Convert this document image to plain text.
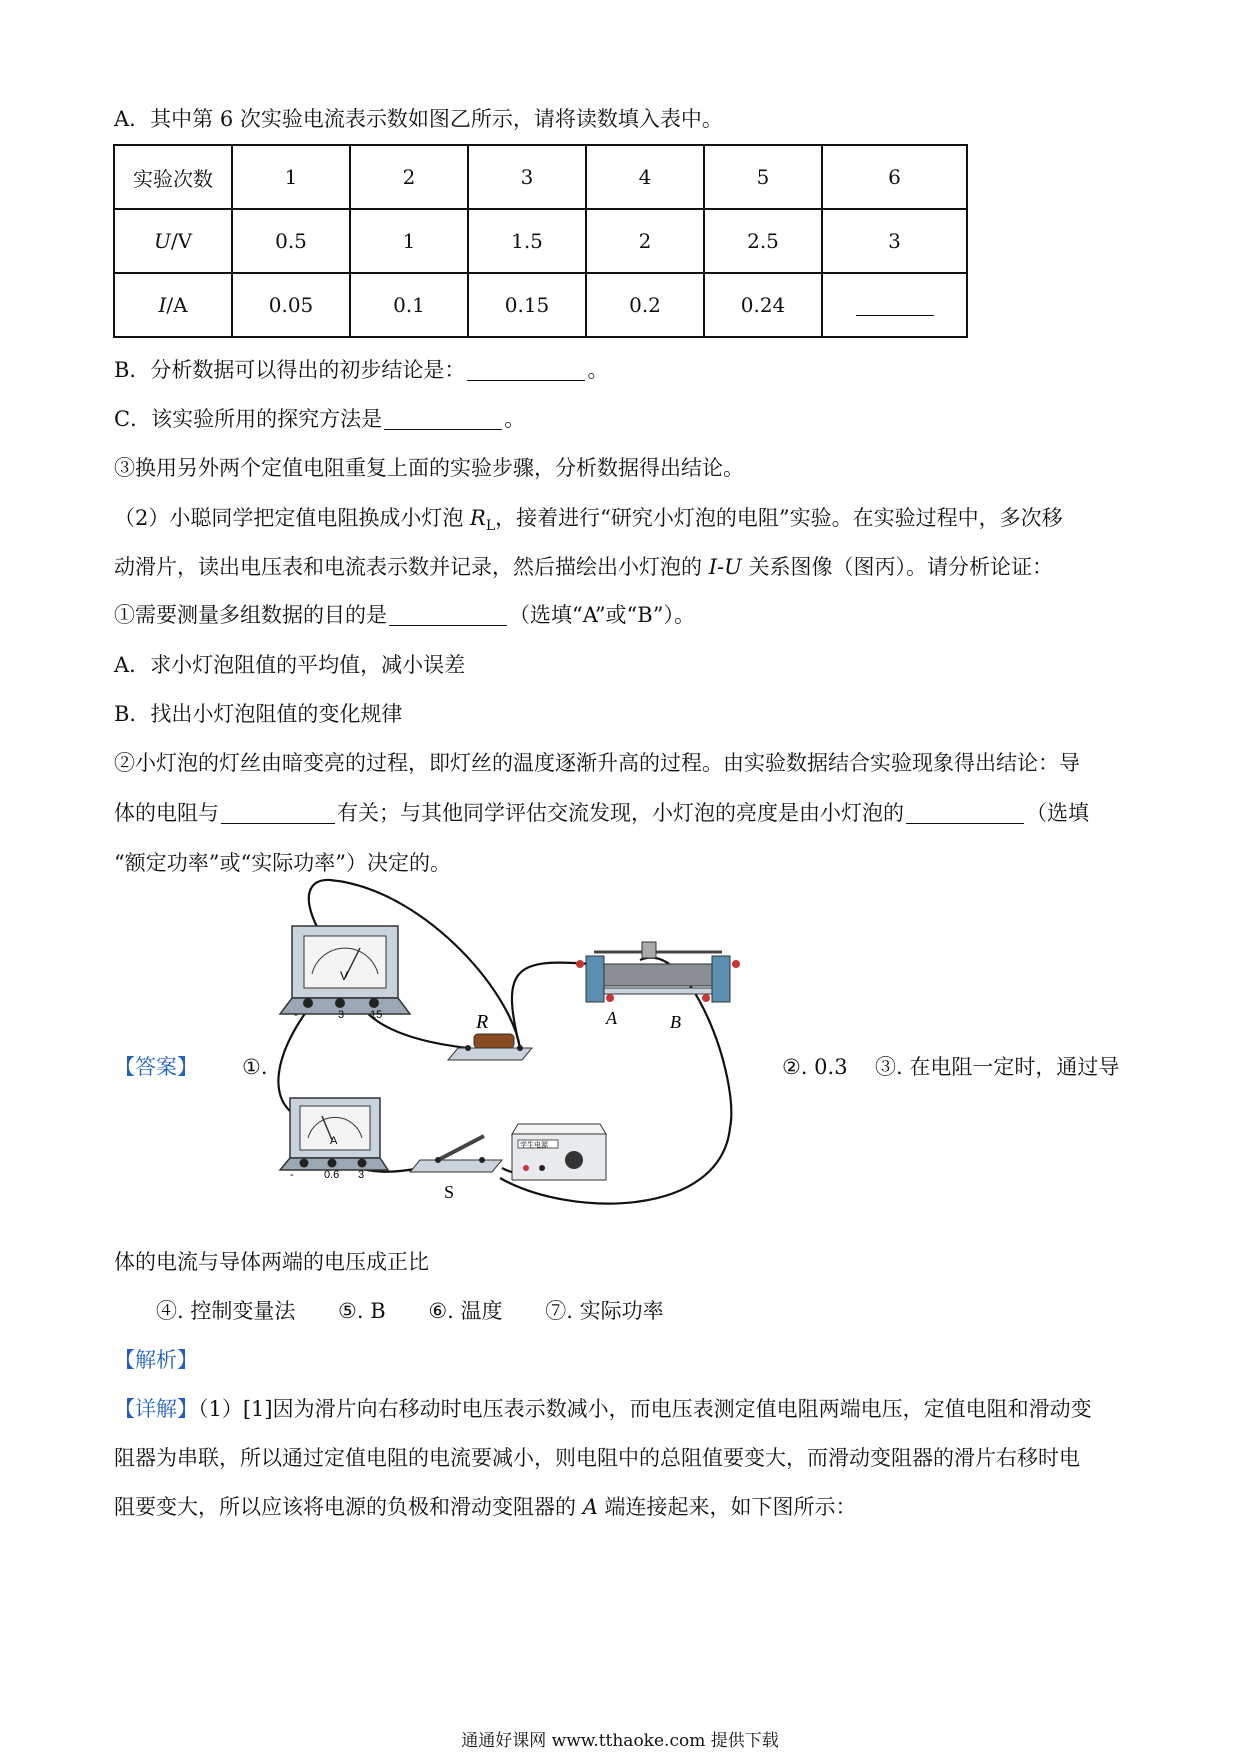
A．其中第 6 次实验电流表示数如图乙所示，请将读数填入表中。
实验次数	1	2	3	4	5	6
U/V	0.5	1	1.5	2	2.5	3
I/A	0.05	0.1	0.15	0.2	0.24	
B．分析数据可以得出的初步结论是：	。
C．该实验所用的探究方法是	。
③换用另外两个定值电阻重复上面的实验步骤，分析数据得出结论。
（2）小聪同学把定值电阻换成小灯泡 $R_L$，接着进行“研究小灯泡的电阻”实验。在实验过程中，多次移
动滑片，读出电压表和电流表示数并记录，然后描绘出小灯泡的 I-U 关系图像（图丙）。请分析论证：
①需要测量多组数据的目的是	（选填“A”或“B”）。
A．求小灯泡阻值的平均值，减小误差
B．找出小灯泡阻值的变化规律
②小灯泡的灯丝由暗变亮的过程，即灯丝的温度逐渐升高的过程。由实验数据结合实验现象得出结论：导
体的电阻与	有关；与其他同学评估交流发现，小灯泡的亮度是由小灯泡的	（选填
“额定功率”或“实际功率”）决定的。
【答案】 ①.	②. 0.3 ③. 在电阻一定时，通过导
V
-	3 15	A	B
R
A
-	0.6 3
S
学生电源
体的电流与导体两端的电压成正比
④. 控制变量法 ⑤. B ⑥. 温度 ⑦. 实际功率
【解析】
【详解】（1）[1]因为滑片向右移动时电压表示数减小，而电压表测定值电阻两端电压，定值电阻和滑动变
阻器为串联，所以通过定值电阻的电流要减小，则电阻中的总阻值要变大，而滑动变阻器的滑片右移时电
阻要变大，所以应该将电源的负极和滑动变阻器的 A 端连接起来，如下图所示：
通通好课网 www.tthaoke.com 提供下载
